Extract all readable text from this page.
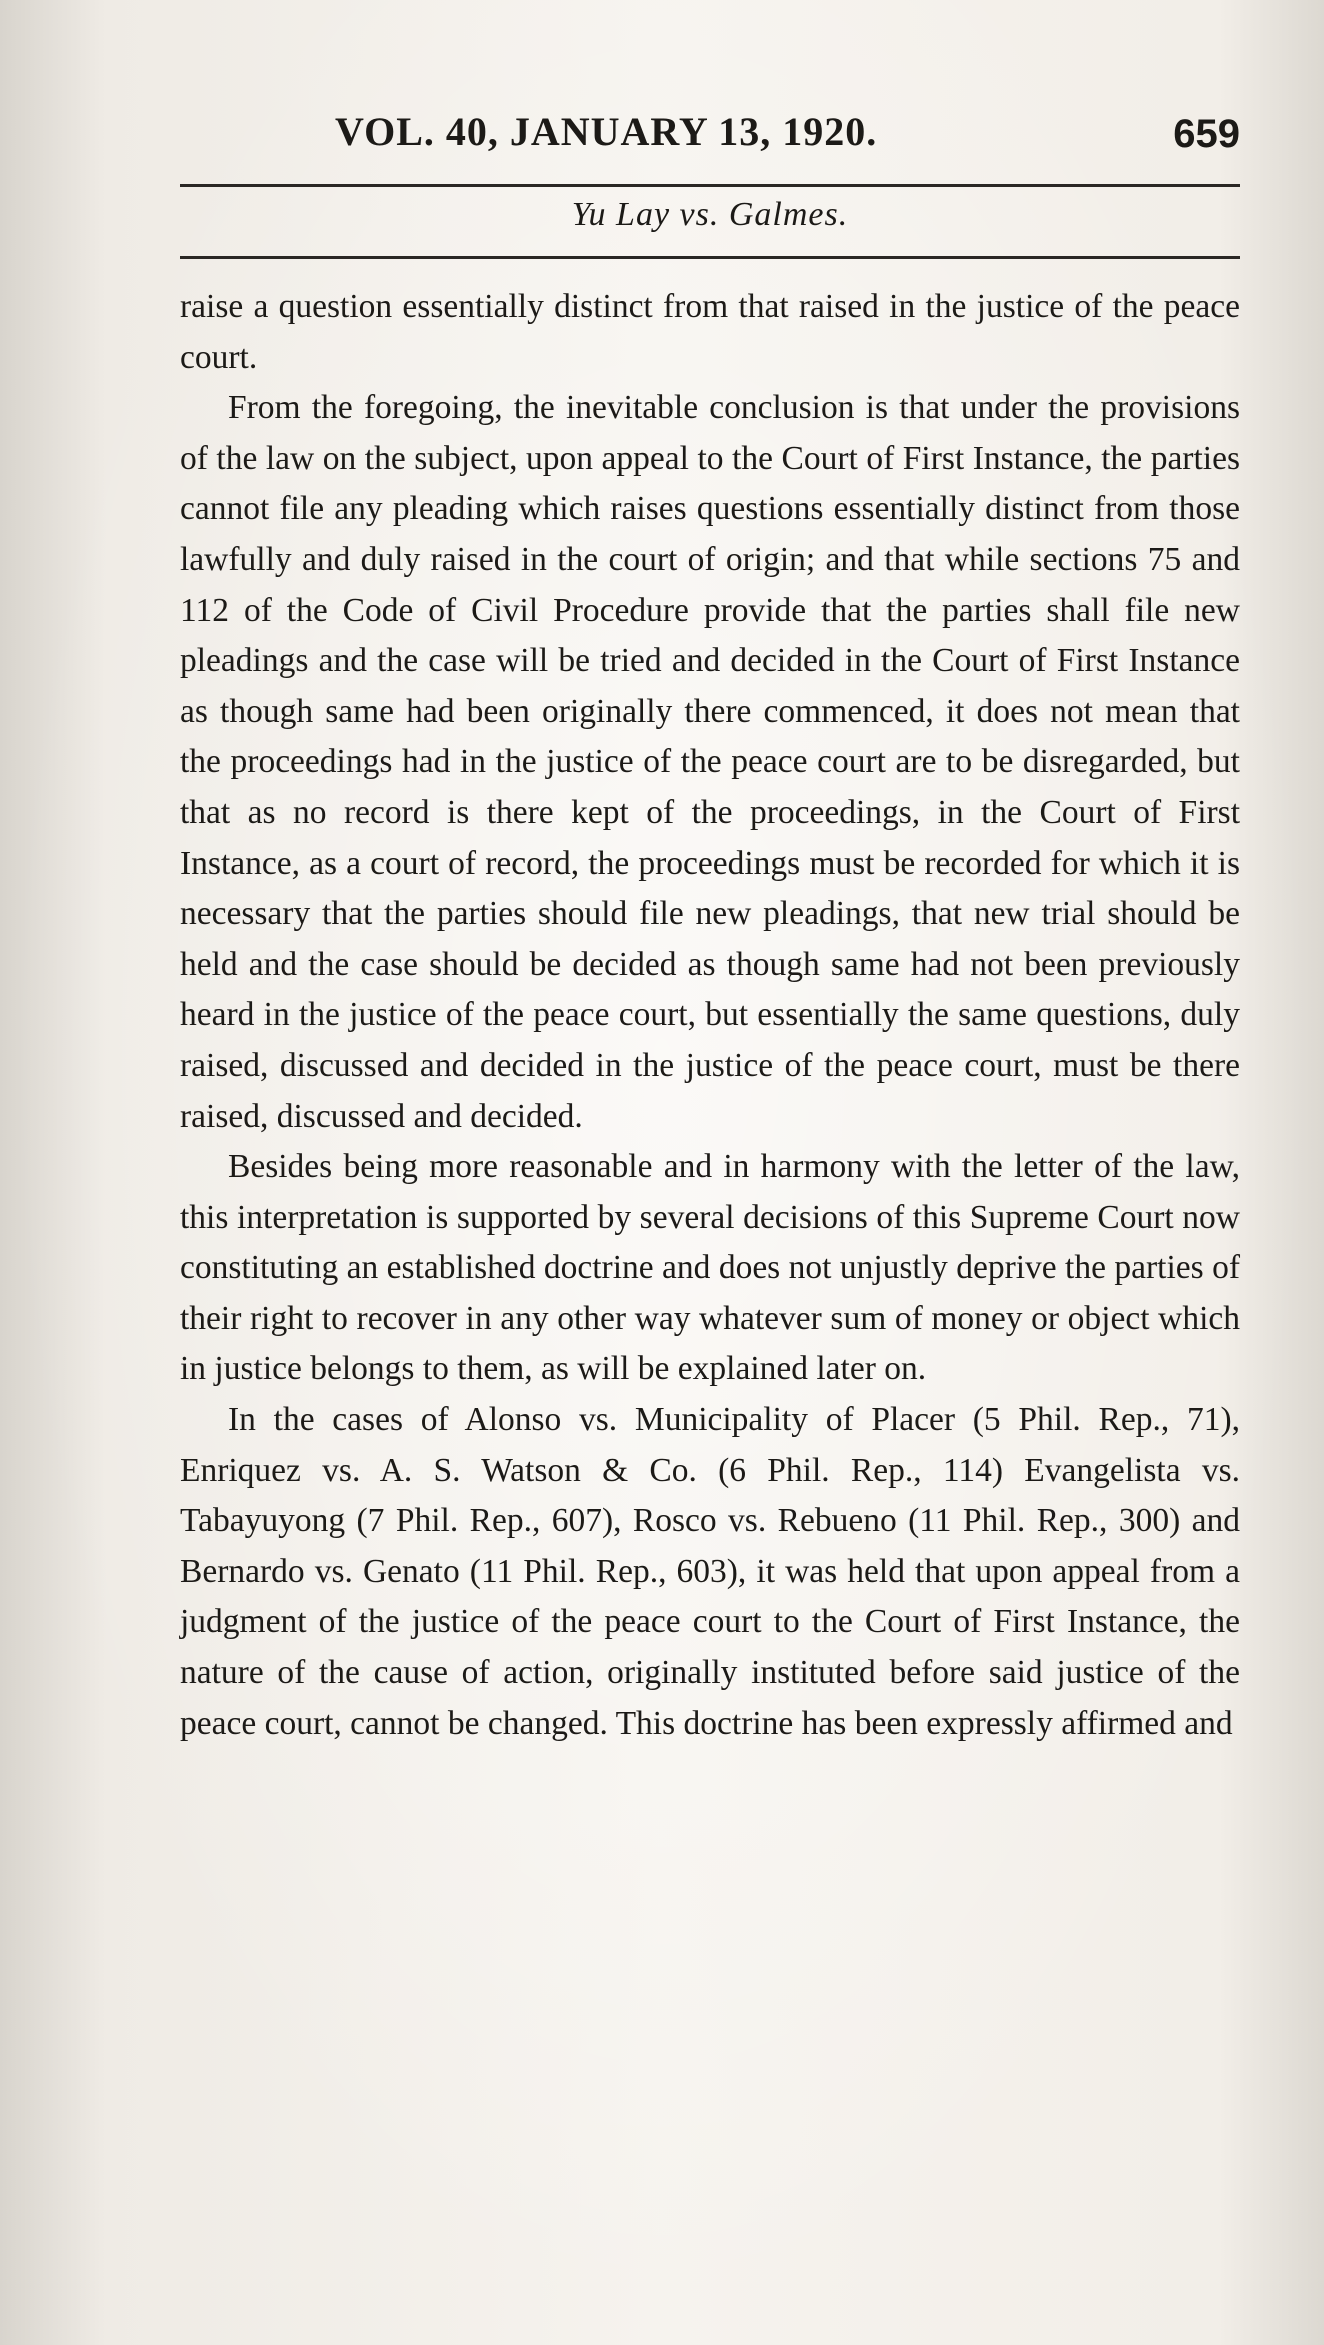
VOL. 40, JANUARY 13, 1920.	659
Yu Lay vs. Galmes.

raise a question essentially distinct from that raised in the justice of the peace court.

From the foregoing, the inevitable conclusion is that under the provisions of the law on the subject, upon appeal to the Court of First Instance, the parties cannot file any pleading which raises questions essentially distinct from those lawfully and duly raised in the court of origin; and that while sections 75 and 112 of the Code of Civil Procedure provide that the parties shall file new pleadings and the case will be tried and decided in the Court of First Instance as though same had been originally there commenced, it does not mean that the proceedings had in the justice of the peace court are to be disregarded, but that as no record is there kept of the proceedings, in the Court of First Instance, as a court of record, the proceedings must be recorded for which it is necessary that the parties should file new pleadings, that new trial should be held and the case should be decided as though same had not been previously heard in the justice of the peace court, but essentially the same questions, duly raised, discussed and decided in the justice of the peace court, must be there raised, discussed and decided.

Besides being more reasonable and in harmony with the letter of the law, this interpretation is supported by several decisions of this Supreme Court now constituting an established doctrine and does not unjustly deprive the parties of their right to recover in any other way whatever sum of money or object which in justice belongs to them, as will be explained later on.

In the cases of Alonso vs. Municipality of Placer (5 Phil. Rep., 71), Enriquez vs. A. S. Watson & Co. (6 Phil. Rep., 114) Evangelista vs. Tabayuyong (7 Phil. Rep., 607), Rosco vs. Rebueno (11 Phil. Rep., 300) and Bernardo vs. Genato (11 Phil. Rep., 603), it was held that upon appeal from a judgment of the justice of the peace court to the Court of First Instance, the nature of the cause of action, originally instituted before said justice of the peace court, cannot be changed. This doctrine has been expressly affirmed and
